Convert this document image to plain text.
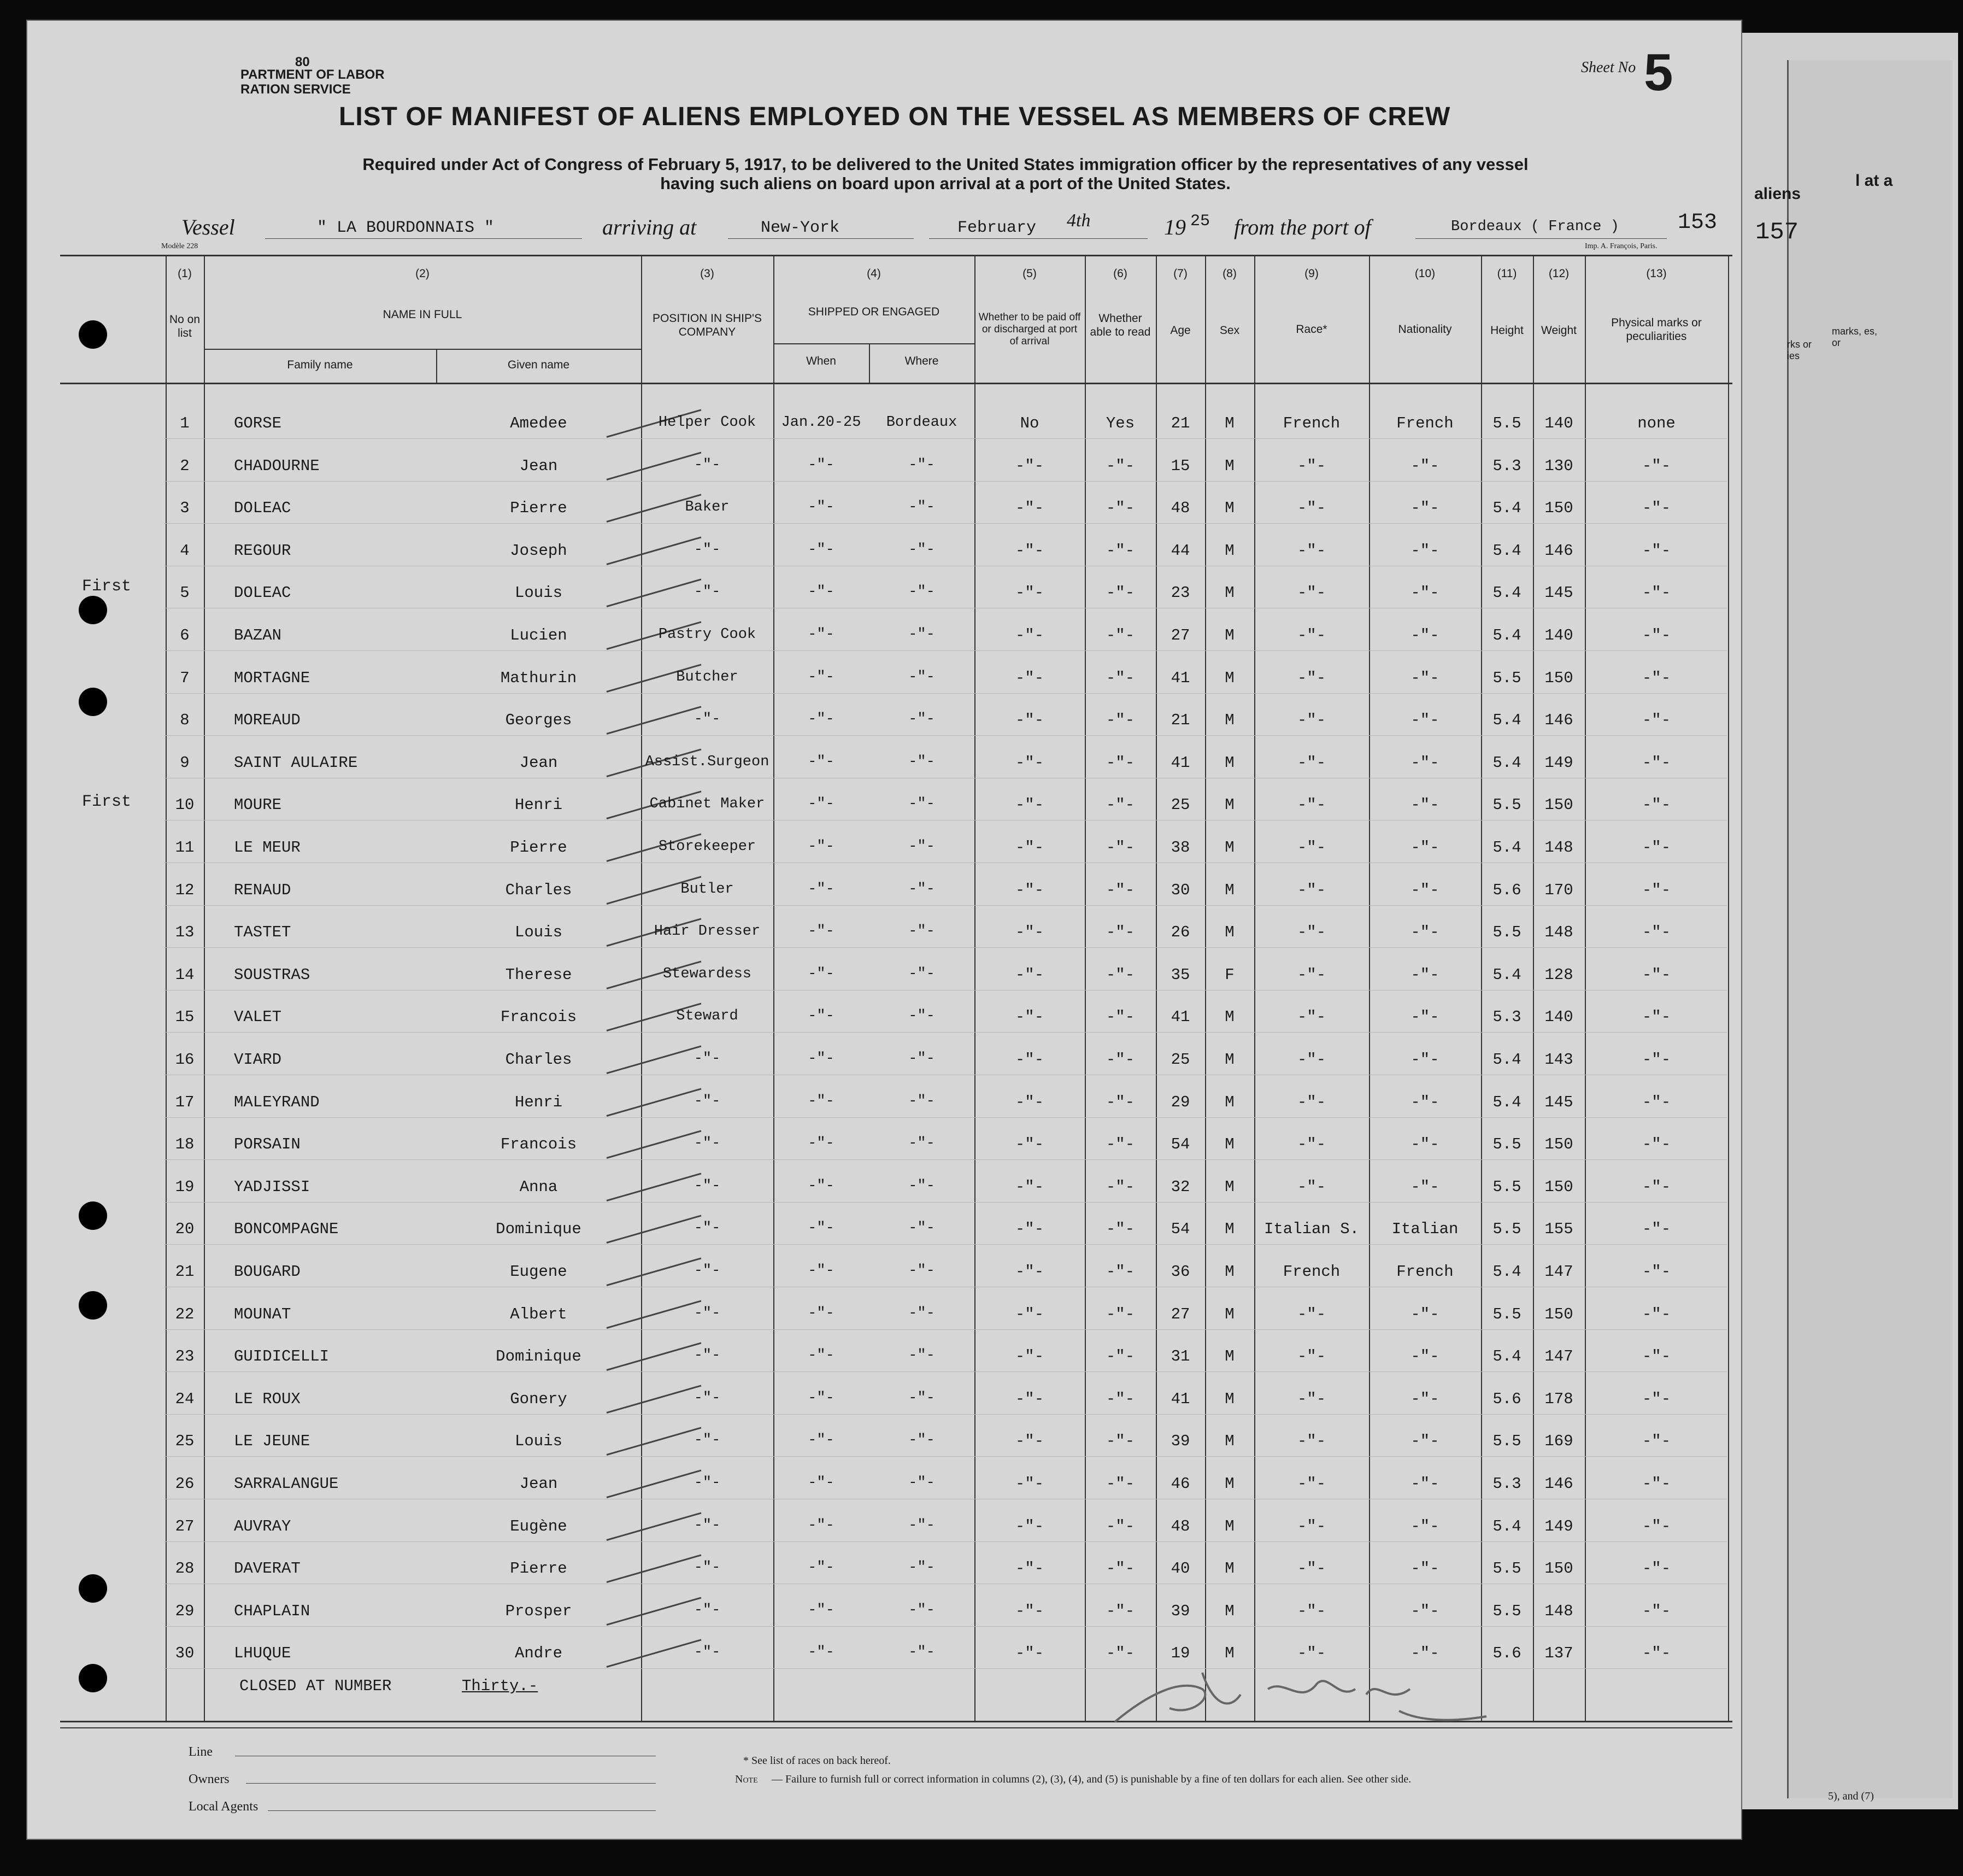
aliens
l at a
157
marks, es, or
rks or ies
5), and (7)
80
PARTMENT OF LABOR
RATION SERVICE
Sheet No 5
LIST OF MANIFEST OF ALIENS EMPLOYED ON THE VESSEL AS MEMBERS OF CREW
Required under Act of Congress of February 5, 1917, to be delivered to the United States immigration officer by the representatives of any vessel
having such aliens on board upon arrival at a port of the United States.
Vessel	" LA BOURDONNAIS "	arriving at	New-York	February 4th	19 25 from the port of	Bordeaux ( France )	153
Modèle 228	Imp. A. François, Paris.
(1)
No on list
(2)
NAME IN FULL
Family name	Given name
(3)
POSITION IN SHIP'S COMPANY
(4)
SHIPPED OR ENGAGED
When	Where
(5)
Whether to be paid off or discharged at port of arrival
(6)
Whether able to read
(7)
Age
(8)
Sex
(9)
Race*
(10)
Nationality
(11)
Height
(12)
Weight
(13)
Physical marks or peculiarities
First
First
1	GORSE	Amedee	Helper Cook	Jan.20-25	Bordeaux	No	Yes	21	M	French	French	5.5	140	none
2	CHADOURNE	Jean	-"-	-"-	-"-	-"-	-"-	15	M	-"-	-"-	5.3	130	-"-
3	DOLEAC	Pierre	Baker	-"-	-"-	-"-	-"-	48	M	-"-	-"-	5.4	150	-"-
4	REGOUR	Joseph	-"-	-"-	-"-	-"-	-"-	44	M	-"-	-"-	5.4	146	-"-
5	DOLEAC	Louis	-"-	-"-	-"-	-"-	-"-	23	M	-"-	-"-	5.4	145	-"-
6	BAZAN	Lucien	Pastry Cook	-"-	-"-	-"-	-"-	27	M	-"-	-"-	5.4	140	-"-
7	MORTAGNE	Mathurin	Butcher	-"-	-"-	-"-	-"-	41	M	-"-	-"-	5.5	150	-"-
8	MOREAUD	Georges	-"-	-"-	-"-	-"-	-"-	21	M	-"-	-"-	5.4	146	-"-
9	SAINT AULAIRE	Jean	Assist.Surgeon	-"-	-"-	-"-	-"-	41	M	-"-	-"-	5.4	149	-"-
10	MOURE	Henri	Cabinet Maker	-"-	-"-	-"-	-"-	25	M	-"-	-"-	5.5	150	-"-
11	LE MEUR	Pierre	Storekeeper	-"-	-"-	-"-	-"-	38	M	-"-	-"-	5.4	148	-"-
12	RENAUD	Charles	Butler	-"-	-"-	-"-	-"-	30	M	-"-	-"-	5.6	170	-"-
13	TASTET	Louis	Hair Dresser	-"-	-"-	-"-	-"-	26	M	-"-	-"-	5.5	148	-"-
14	SOUSTRAS	Therese	Stewardess	-"-	-"-	-"-	-"-	35	F	-"-	-"-	5.4	128	-"-
15	VALET	Francois	Steward	-"-	-"-	-"-	-"-	41	M	-"-	-"-	5.3	140	-"-
16	VIARD	Charles	-"-	-"-	-"-	-"-	-"-	25	M	-"-	-"-	5.4	143	-"-
17	MALEYRAND	Henri	-"-	-"-	-"-	-"-	-"-	29	M	-"-	-"-	5.4	145	-"-
18	PORSAIN	Francois	-"-	-"-	-"-	-"-	-"-	54	M	-"-	-"-	5.5	150	-"-
19	YADJISSI	Anna	-"-	-"-	-"-	-"-	-"-	32	M	-"-	-"-	5.5	150	-"-
20	BONCOMPAGNE	Dominique	-"-	-"-	-"-	-"-	-"-	54	M	Italian S.	Italian	5.5	155	-"-
21	BOUGARD	Eugene	-"-	-"-	-"-	-"-	-"-	36	M	French	French	5.4	147	-"-
22	MOUNAT	Albert	-"-	-"-	-"-	-"-	-"-	27	M	-"-	-"-	5.5	150	-"-
23	GUIDICELLI	Dominique	-"-	-"-	-"-	-"-	-"-	31	M	-"-	-"-	5.4	147	-"-
24	LE ROUX	Gonery	-"-	-"-	-"-	-"-	-"-	41	M	-"-	-"-	5.6	178	-"-
25	LE JEUNE	Louis	-"-	-"-	-"-	-"-	-"-	39	M	-"-	-"-	5.5	169	-"-
26	SARRALANGUE	Jean	-"-	-"-	-"-	-"-	-"-	46	M	-"-	-"-	5.3	146	-"-
27	AUVRAY	Eugène	-"-	-"-	-"-	-"-	-"-	48	M	-"-	-"-	5.4	149	-"-
28	DAVERAT	Pierre	-"-	-"-	-"-	-"-	-"-	40	M	-"-	-"-	5.5	150	-"-
29	CHAPLAIN	Prosper	-"-	-"-	-"-	-"-	-"-	39	M	-"-	-"-	5.5	148	-"-
30	LHUQUE	Andre	-"-	-"-	-"-	-"-	-"-	19	M	-"-	-"-	5.6	137	-"-
CLOSED AT NUMBER	Thirty.-
Line
Owners
Local Agents
* See list of races on back hereof.
Note — Failure to furnish full or correct information in columns (2), (3), (4), and (5) is punishable by a fine of ten dollars for each alien. See other side.
